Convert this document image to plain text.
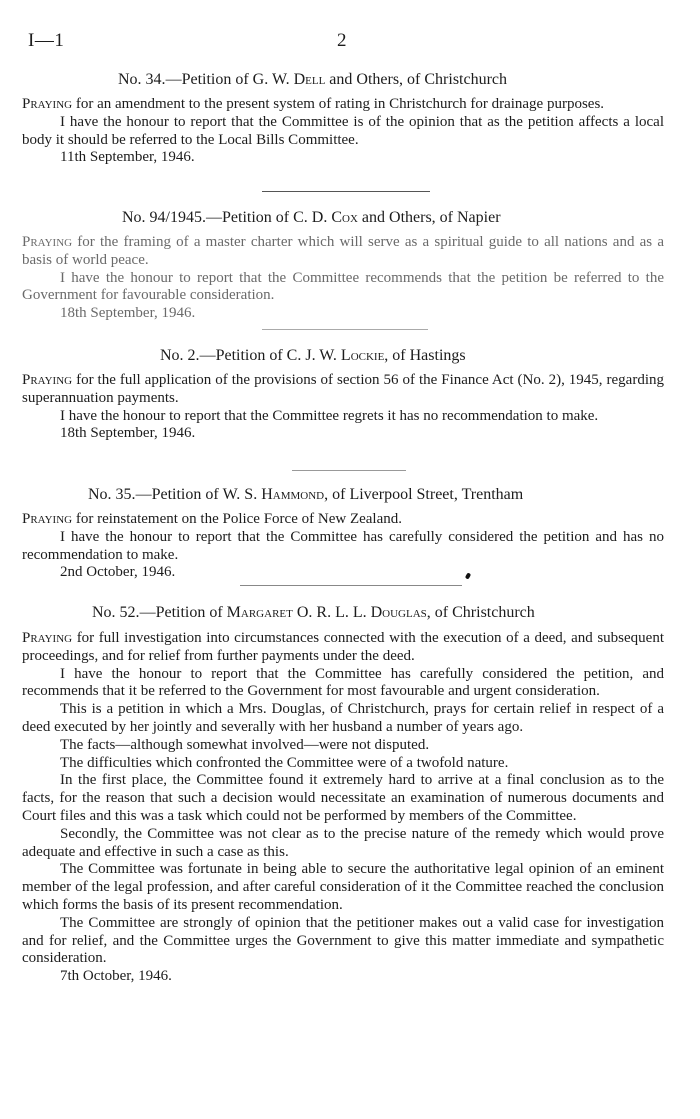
I—1	2
No. 34.—Petition of G. W. Dell and Others, of Christchurch

Praying for an amendment to the present system of rating in Christchurch for drainage purposes.

I have the honour to report that the Committee is of the opinion that as the petition affects a local body it should be referred to the Local Bills Committee.

11th September, 1946.
No. 94/1945.—Petition of C. D. Cox and Others, of Napier

Praying for the framing of a master charter which will serve as a spiritual guide to all nations and as a basis of world peace.

I have the honour to report that the Committee recommends that the petition be referred to the Government for favourable consideration.

18th September, 1946.
No. 2.—Petition of C. J. W. Lockie, of Hastings

Praying for the full application of the provisions of section 56 of the Finance Act (No. 2), 1945, regarding superannuation payments.

I have the honour to report that the Committee regrets it has no recommendation to make.

18th September, 1946.
No. 35.—Petition of W. S. Hammond, of Liverpool Street, Trentham

Praying for reinstatement on the Police Force of New Zealand.

I have the honour to report that the Committee has carefully considered the petition and has no recommendation to make.

2nd October, 1946.
No. 52.—Petition of Margaret O. R. L. L. Douglas, of Christchurch

Praying for full investigation into circumstances connected with the execution of a deed, and subsequent proceedings, and for relief from further payments under the deed.

I have the honour to report that the Committee has carefully considered the petition, and recommends that it be referred to the Government for most favourable and urgent consideration.

This is a petition in which a Mrs. Douglas, of Christchurch, prays for certain relief in respect of a deed executed by her jointly and severally with her husband a number of years ago.

The facts—although somewhat involved—were not disputed.

The difficulties which confronted the Committee were of a twofold nature.

In the first place, the Committee found it extremely hard to arrive at a final conclusion as to the facts, for the reason that such a decision would necessitate an examination of numerous documents and Court files and this was a task which could not be performed by members of the Committee.

Secondly, the Committee was not clear as to the precise nature of the remedy which would prove adequate and effective in such a case as this.

The Committee was fortunate in being able to secure the authoritative legal opinion of an eminent member of the legal profession, and after careful consideration of it the Committee reached the conclusion which forms the basis of its present recommendation.

The Committee are strongly of opinion that the petitioner makes out a valid case for investigation and for relief, and the Committee urges the Government to give this matter immediate and sympathetic consideration.

7th October, 1946.
